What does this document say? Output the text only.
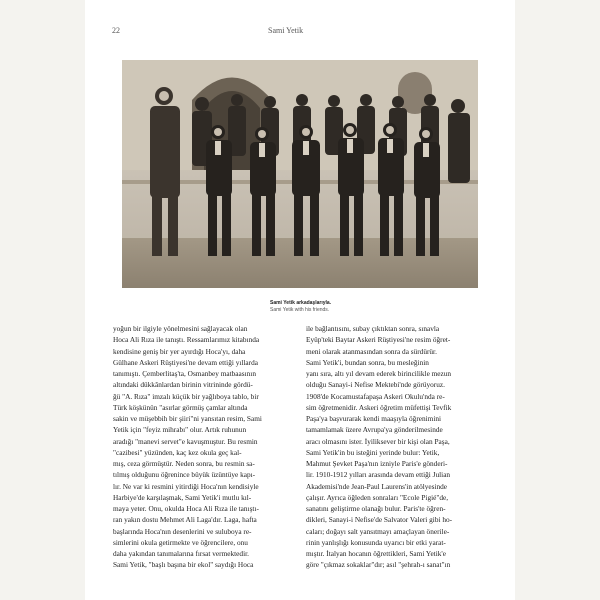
22	Sami Yetik
Sami Yetik arkadaşlarıyla.
Sami Yetik with his friends.

yoğun bir ilgiyle yönelmesini sağlayacak olan

Hoca Ali Rıza ile tanıştı. Ressamlarımız kitabında

kendisine geniş bir yer ayırdığı Hoca'yı, daha

Gülhane Askeri Rüştiyesi'ne devam ettiği yıllarda

tanımıştı. Çemberlitaş'ta, Osmanbey matbaasının

altındaki dükkânlardan birinin vitrininde gördü-

ğü "A. Rıza" imzalı küçük bir yağlıboya tablo, bir

Türk köşkünün "asırlar görmüş çamlar altında

sakin ve müşebbih bir şiiri"ni yansıtan resim, Sami

Yetik için "feyiz mihrabı" olur. Artık ruhunun

aradığı "manevi servet"e kavuşmuştur. Bu resmin

"cazibesi" yüzünden, kaç kez okula geç kal-

mış, ceza görmüştür. Neden sonra, bu resmin sa-

tılmış olduğunu öğrenince büyük üzüntüye kapı-

lır. Ne var ki resmini yitirdiği Hoca'nın kendisiyle

Harbiye'de karşılaşmak, Sami Yetik'i mutlu kıl-

maya yeter. Onu, okulda Hoca Ali Rıza ile tanıştı-

ran yakın dostu Mehmet Ali Laga'dır. Laga, hafta

başlarında Hoca'nın desenlerini ve suluboya re-

simlerini okula getirmekte ve öğrencilere, onu

daha yakından tanımalarına fırsat vermektedir.

Sami Yetik, "başlı başına bir ekol" saydığı Hoca

ile bağlantısını, subay çıktıktan sonra, sınavla

Eyüp'teki Baytar Askeri Rüştiyesi'ne resim öğret-

meni olarak atanmasından sonra da sürdürür.

Sami Yetik'i, bundan sonra, bu mesleğinin

yanı sıra, altı yıl devam ederek birincilikle mezun

olduğu Sanayi-i Nefise Mektebi'nde görüyoruz.

1908'de Kocamustafapaşa Askeri Okulu'nda re-

sim öğretmenidir. Askeri öğretim müfettişi Tevfik

Paşa'ya başvurarak kendi maaşıyla öğrenimini

tamamlamak üzere Avrupa'ya gönderilmesinde

aracı olmasını ister. İyiliksever bir kişi olan Paşa,

Sami Yetik'in bu isteğini yerinde bulur: Yetik,

Mahmut Şevket Paşa'nın izniyle Paris'e gönderi-

lir. 1910-1912 yılları arasında devam ettiği Julian

Akademisi'nde Jean-Paul Laurens'in atölyesinde

çalışır. Ayrıca öğleden sonraları "Ecole Pigié"de,

sanatını geliştirme olanağı bulur. Paris'te öğren-

dikleri, Sanayi-i Nefise'de Salvator Valeri gibi ho-

caları; doğayı salt yansıtmayı amaçlayan önerile-

rinin yanlışlığı konusunda uyarıcı bir etki yarat-

mıştır. İtalyan hocanın öğrettikleri, Sami Yetik'e

göre "çıkmaz sokaklar"dır; asıl "şehrah-ı sanat"ın
